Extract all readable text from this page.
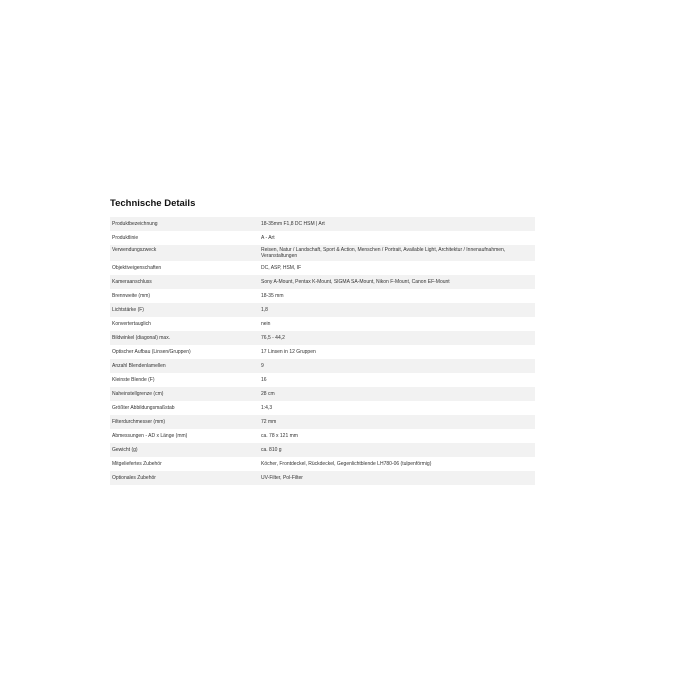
Technische Details
Produktbezeichnung	18-35mm F1,8 DC HSM | Art
Produktlinie	A - Art
Verwendungszweck	Reisen, Natur / Landschaft, Sport & Action, Menschen / Portrait, Available Light, Architektur / Innenaufnahmen, Veranstaltungen
Objektiveigenschaften	DC, ASP, HSM, IF
Kameraanschluss	Sony A-Mount, Pentax K-Mount, SIGMA SA-Mount, Nikon F-Mount, Canon EF-Mount
Brennweite (mm)	18-35 mm
Lichtstärke (F)	1,8
Konvertertauglich	nein
Bildwinkel (diagonal) max.	76,5 - 44,2
Optischer Aufbau (Linsen/Gruppen)	17 Linsen in 12 Gruppen
Anzahl Blendenlamellen	9
Kleinste Blende (F)	16
Naheinstellgrenze (cm)	28 cm
Größter Abbildungsmaßstab	1:4,3
Filterdurchmesser (mm)	72 mm
Abmessungen - AD x Länge (mm)	ca. 78 x 121 mm
Gewicht (g)	ca. 810 g
Mitgeliefertes Zubehör	Köcher, Frontdeckel, Rückdeckel, Gegenlichtblende LH780-06 (tulpenförmig)
Optionales Zubehör	UV-Filter, Pol-Filter
